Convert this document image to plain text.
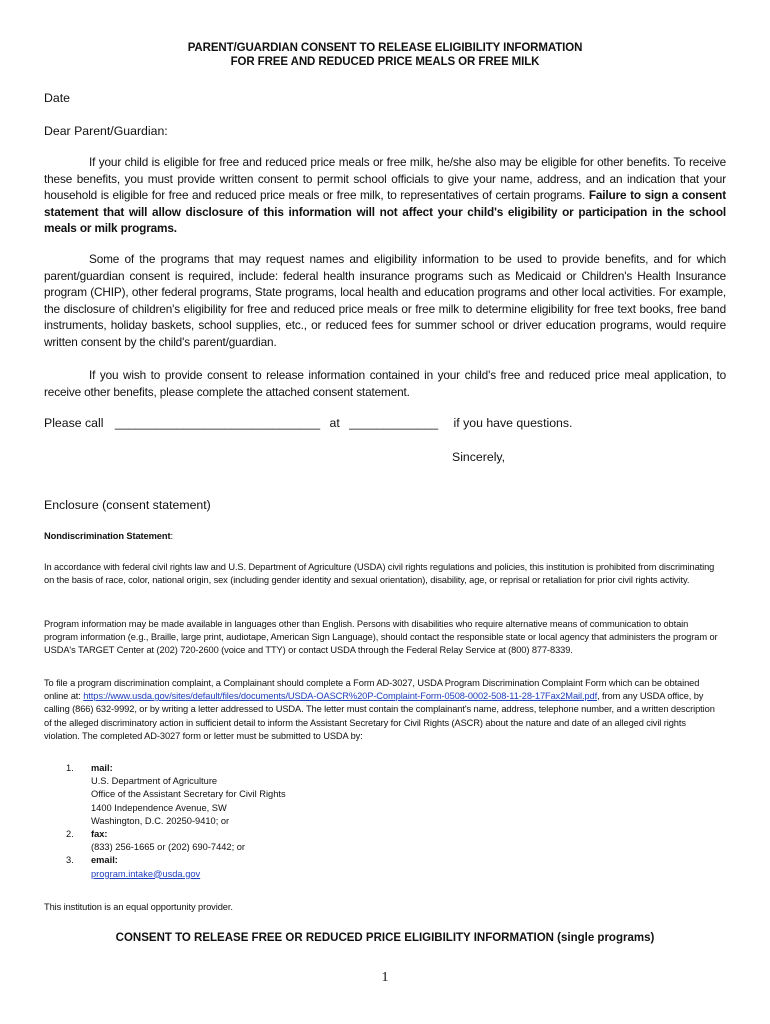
PARENT/GUARDIAN CONSENT TO RELEASE ELIGIBILITY INFORMATION
FOR FREE AND REDUCED PRICE MEALS OR FREE MILK
Date
Dear Parent/Guardian:
If your child is eligible for free and reduced price meals or free milk, he/she also may be eligible for other benefits. To receive these benefits, you must provide written consent to permit school officials to give your name, address, and an indication that your household is eligible for free and reduced price meals or free milk, to representatives of certain programs. Failure to sign a consent statement that will allow disclosure of this information will not affect your child's eligibility or participation in the school meals or milk programs.
Some of the programs that may request names and eligibility information to be used to provide benefits, and for which parent/guardian consent is required, include: federal health insurance programs such as Medicaid or Children's Health Insurance program (CHIP), other federal programs, State programs, local health and education programs and other local activities. For example, the disclosure of children's eligibility for free and reduced price meals or free milk to determine eligibility for free text books, free band instruments, holiday baskets, school supplies, etc., or reduced fees for summer school or driver education programs, would require written consent by the child's parent/guardian.
If you wish to provide consent to release information contained in your child's free and reduced price meal application, to receive other benefits, please complete the attached consent statement.
Please call ______________________________ at _____________ if you have questions.
Sincerely,
Enclosure (consent statement)
Nondiscrimination Statement:
In accordance with federal civil rights law and U.S. Department of Agriculture (USDA) civil rights regulations and policies, this institution is prohibited from discriminating on the basis of race, color, national origin, sex (including gender identity and sexual orientation), disability, age, or reprisal or retaliation for prior civil rights activity.
Program information may be made available in languages other than English. Persons with disabilities who require alternative means of communication to obtain program information (e.g., Braille, large print, audiotape, American Sign Language), should contact the responsible state or local agency that administers the program or USDA's TARGET Center at (202) 720-2600 (voice and TTY) or contact USDA through the Federal Relay Service at (800) 877-8339.
To file a program discrimination complaint, a Complainant should complete a Form AD-3027, USDA Program Discrimination Complaint Form which can be obtained online at: https://www.usda.gov/sites/default/files/documents/USDA-OASCR%20P-Complaint-Form-0508-0002-508-11-28-17Fax2Mail.pdf, from any USDA office, by calling (866) 632-9992, or by writing a letter addressed to USDA. The letter must contain the complainant's name, address, telephone number, and a written description of the alleged discriminatory action in sufficient detail to inform the Assistant Secretary for Civil Rights (ASCR) about the nature and date of an alleged civil rights violation. The completed AD-3027 form or letter must be submitted to USDA by:
1. mail:
U.S. Department of Agriculture
Office of the Assistant Secretary for Civil Rights
1400 Independence Avenue, SW
Washington, D.C. 20250-9410; or
2. fax:
(833) 256-1665 or (202) 690-7442; or
3. email:
program.intake@usda.gov
This institution is an equal opportunity provider.
CONSENT TO RELEASE FREE OR REDUCED PRICE ELIGIBILITY INFORMATION (single programs)
1
